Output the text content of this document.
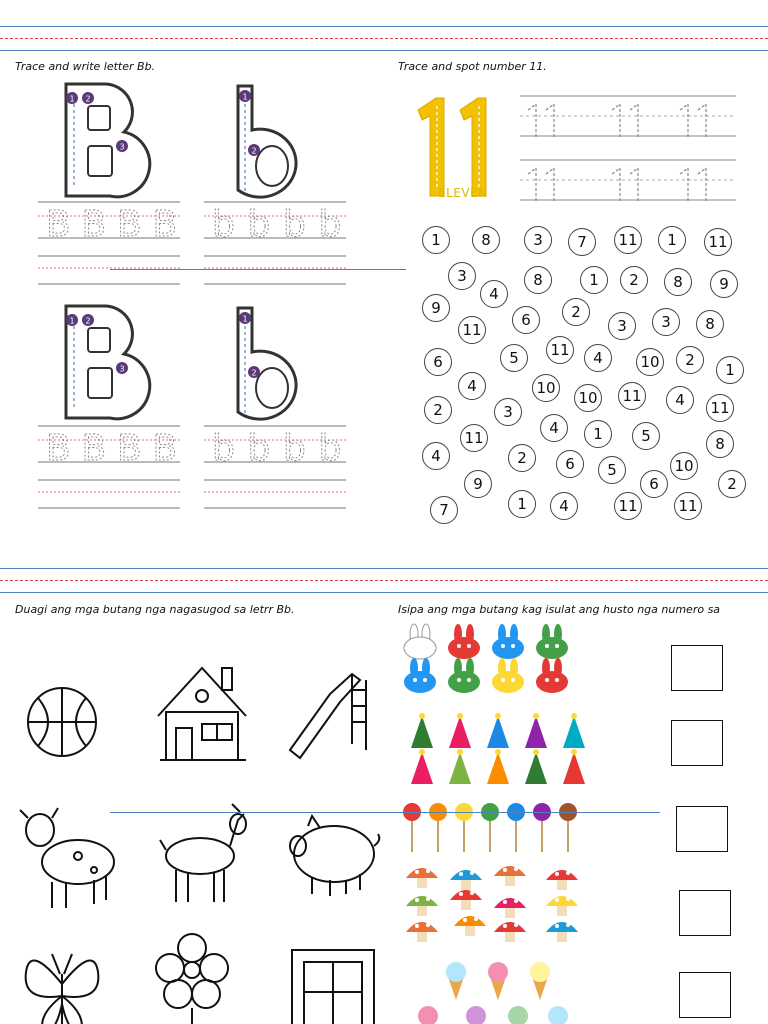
Trace and write letter Bb.	Trace and spot number 11.
1 2
3
1
2
B B B B b b b b
1 2
3
1
2
B B B B b b b b
ELEVEN
1	8	3	7	11	1	11
3
4
8	1	2	8	9
9
11
6	2
3	3	8
6	5	11	4	10	2
1
4	10
10 11	4	11
2	3
4	1	5
11	8
4	2	6	5	10
9	6	2
7	1	4	11	11
Duagi ang mga butang nga nagasugod sa letrr Bb.	Isipa ang mga butang kag isulat ang husto nga numero sa
